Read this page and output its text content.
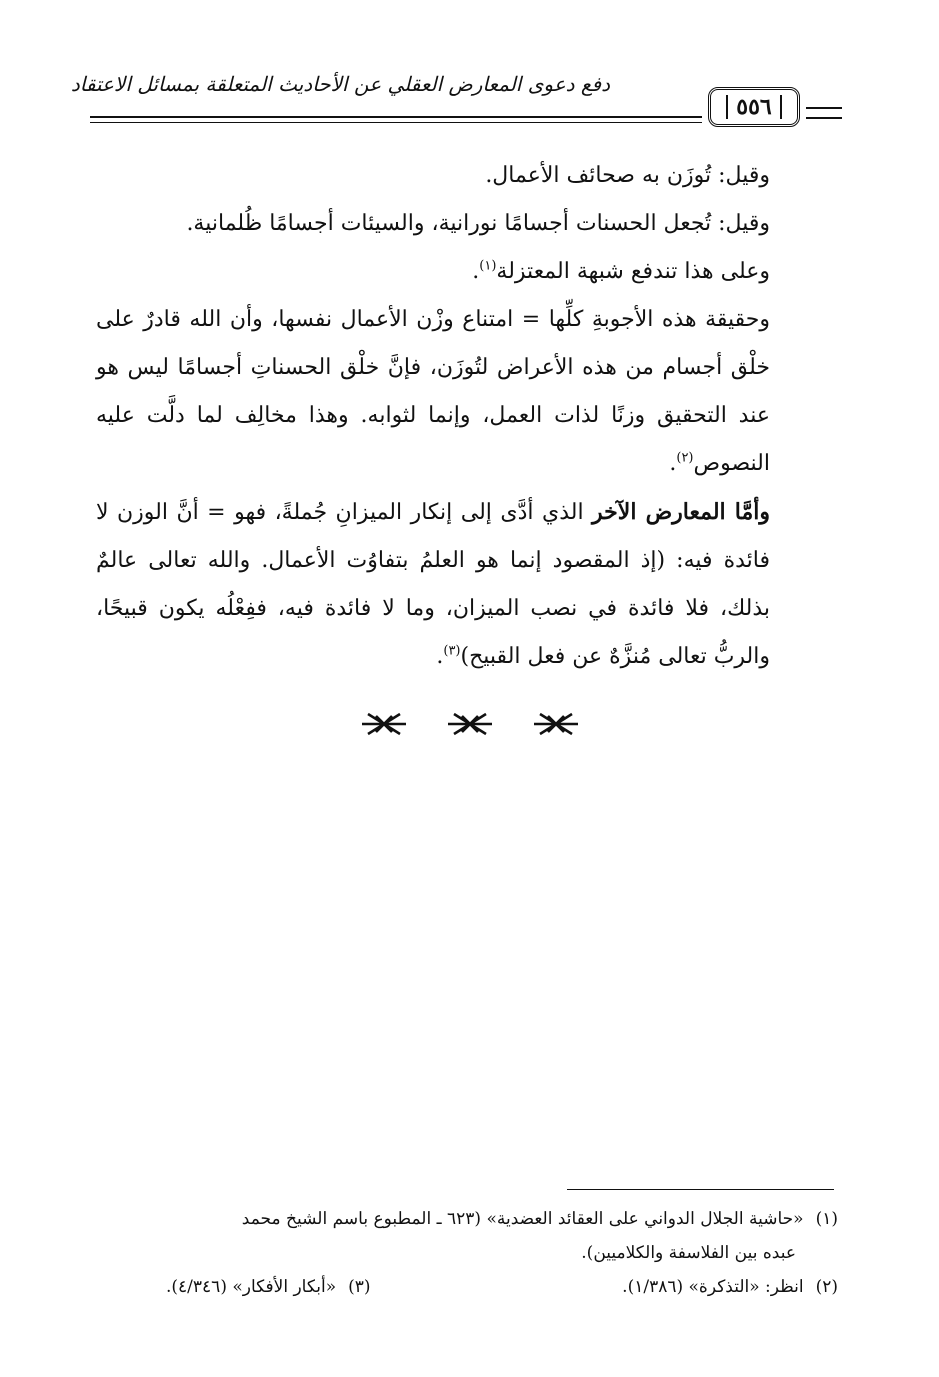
دفع دعوى المعارض العقلي عن الأحاديث المتعلقة بمسائل الاعتقاد
٥٥٦

وقيل: تُوزَن به صحائف الأعمال.

وقيل: تُجعل الحسنات أجسامًا نورانية، والسيئات أجسامًا ظُلمانية.

وعلى هذا تندفع شبهة المعتزلة$^{(١)}$.

وحقيقة هذه الأجوبةِ كلِّها = امتناع وزْن الأعمال نفسها، وأن الله قادرٌ على خلْق أجسام من هذه الأعراض لتُوزَن، فإنَّ خلْق الحسناتِ أجسامًا ليس هو عند التحقيق وزنًا لذات العمل، وإنما لثوابه. وهذا مخالِف لما دلَّت عليه النصوص$^{(٢)}$.

وأمَّا المعارض الآخر الذي أدَّى إلى إنكار الميزانِ جُملةً، فهو = أنَّ الوزن لا فائدة فيه: (إذ المقصود إنما هو العلمُ بتفاوُت الأعمال. والله تعالى عالمٌ بذلك، فلا فائدة في نصب الميزان، وما لا فائدة فيه، ففِعْلُه يكون قبيحًا، والربُّ تعالى مُنزَّهٌ عن فعل القبيح)$^{(٣)}$.

(١)«حاشية الجلال الدواني على العقائد العضدية» (٦٢٣ ـ المطبوع باسم الشيخ محمد
عبده بين الفلاسفة والكلاميين).
(٢)انظر: «التذكرة» (١/٣٨٦).
(٣)«أبكار الأفكار» (٤/٣٤٦).
